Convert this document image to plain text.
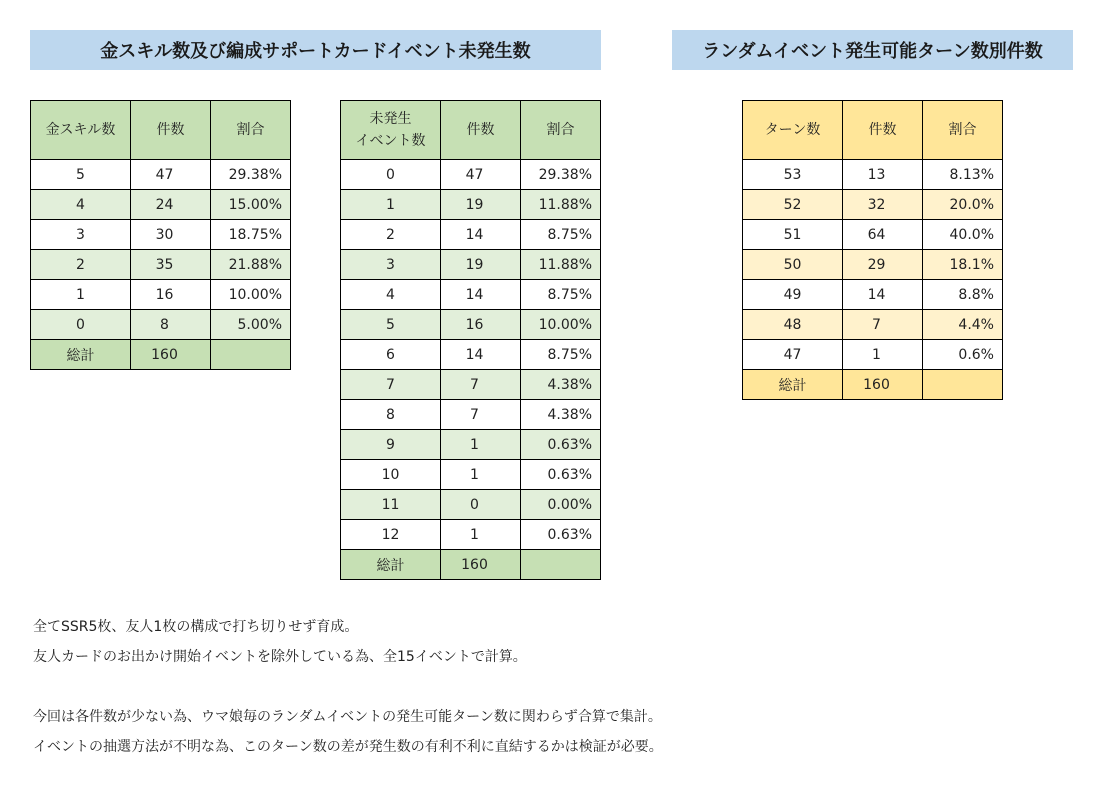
金スキル数及び編成サポートカードイベント未発生数	ランダムイベント発生可能ターン数別件数
金スキル数	件数	割合
5	47	29.38%
4	24	15.00%
3	30	18.75%
2	35	21.88%
1	16	10.00%
0	8	5.00%
総計	160	
未発生
イベント数	件数	割合
0	47	29.38%
1	19	11.88%
2	14	8.75%
3	19	11.88%
4	14	8.75%
5	16	10.00%
6	14	8.75%
7	7	4.38%
8	7	4.38%
9	1	0.63%
10	1	0.63%
11	0	0.00%
12	1	0.63%
総計	160	
ターン数	件数	割合
53	13	8.13%
52	32	20.0%
51	64	40.0%
50	29	18.1%
49	14	8.8%
48	7	4.4%
47	1	0.6%
総計	160	

全てSSR5枚、友人1枚の構成で打ち切りせず育成。

友人カードのお出かけ開始イベントを除外している為、全15イベントで計算。

今回は各件数が少ない為、ウマ娘毎のランダムイベントの発生可能ターン数に関わらず合算で集計。

イベントの抽選方法が不明な為、このターン数の差が発生数の有利不利に直結するかは検証が必要。
